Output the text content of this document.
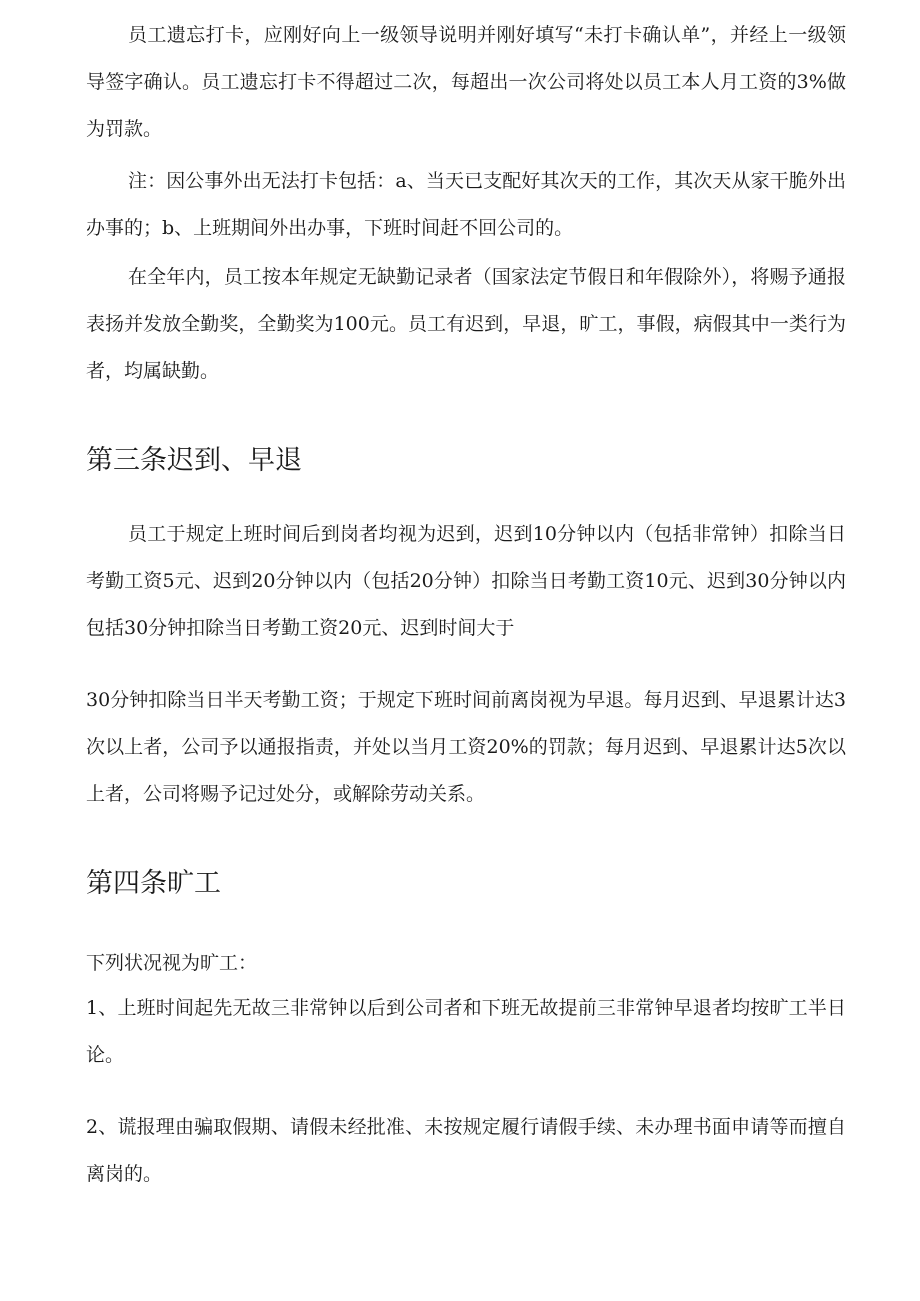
员工遗忘打卡，应刚好向上一级领导说明并刚好填写“未打卡确认单”，并经上一级领导签字确认。员工遗忘打卡不得超过二次，每超出一次公司将处以员工本人月工资的3%做为罚款。

注：因公事外出无法打卡包括：a、当天已支配好其次天的工作，其次天从家干脆外出办事的；b、上班期间外出办事，下班时间赶不回公司的。

在全年内，员工按本年规定无缺勤记录者（国家法定节假日和年假除外），将赐予通报表扬并发放全勤奖，全勤奖为100元。员工有迟到，早退，旷工，事假，病假其中一类行为者，均属缺勤。

第三条迟到、早退

员工于规定上班时间后到岗者均视为迟到，迟到10分钟以内（包括非常钟）扣除当日考勤工资5元、迟到20分钟以内（包括20分钟）扣除当日考勤工资10元、迟到30分钟以内包括30分钟扣除当日考勤工资20元、迟到时间大于

30分钟扣除当日半天考勤工资；于规定下班时间前离岗视为早退。每月迟到、早退累计达3次以上者，公司予以通报指责，并处以当月工资20%的罚款；每月迟到、早退累计达5次以上者，公司将赐予记过处分，或解除劳动关系。

第四条旷工

下列状况视为旷工：

1、上班时间起先无故三非常钟以后到公司者和下班无故提前三非常钟早退者均按旷工半日论。

2、谎报理由骗取假期、请假未经批准、未按规定履行请假手续、未办理书面申请等而擅自离岗的。
